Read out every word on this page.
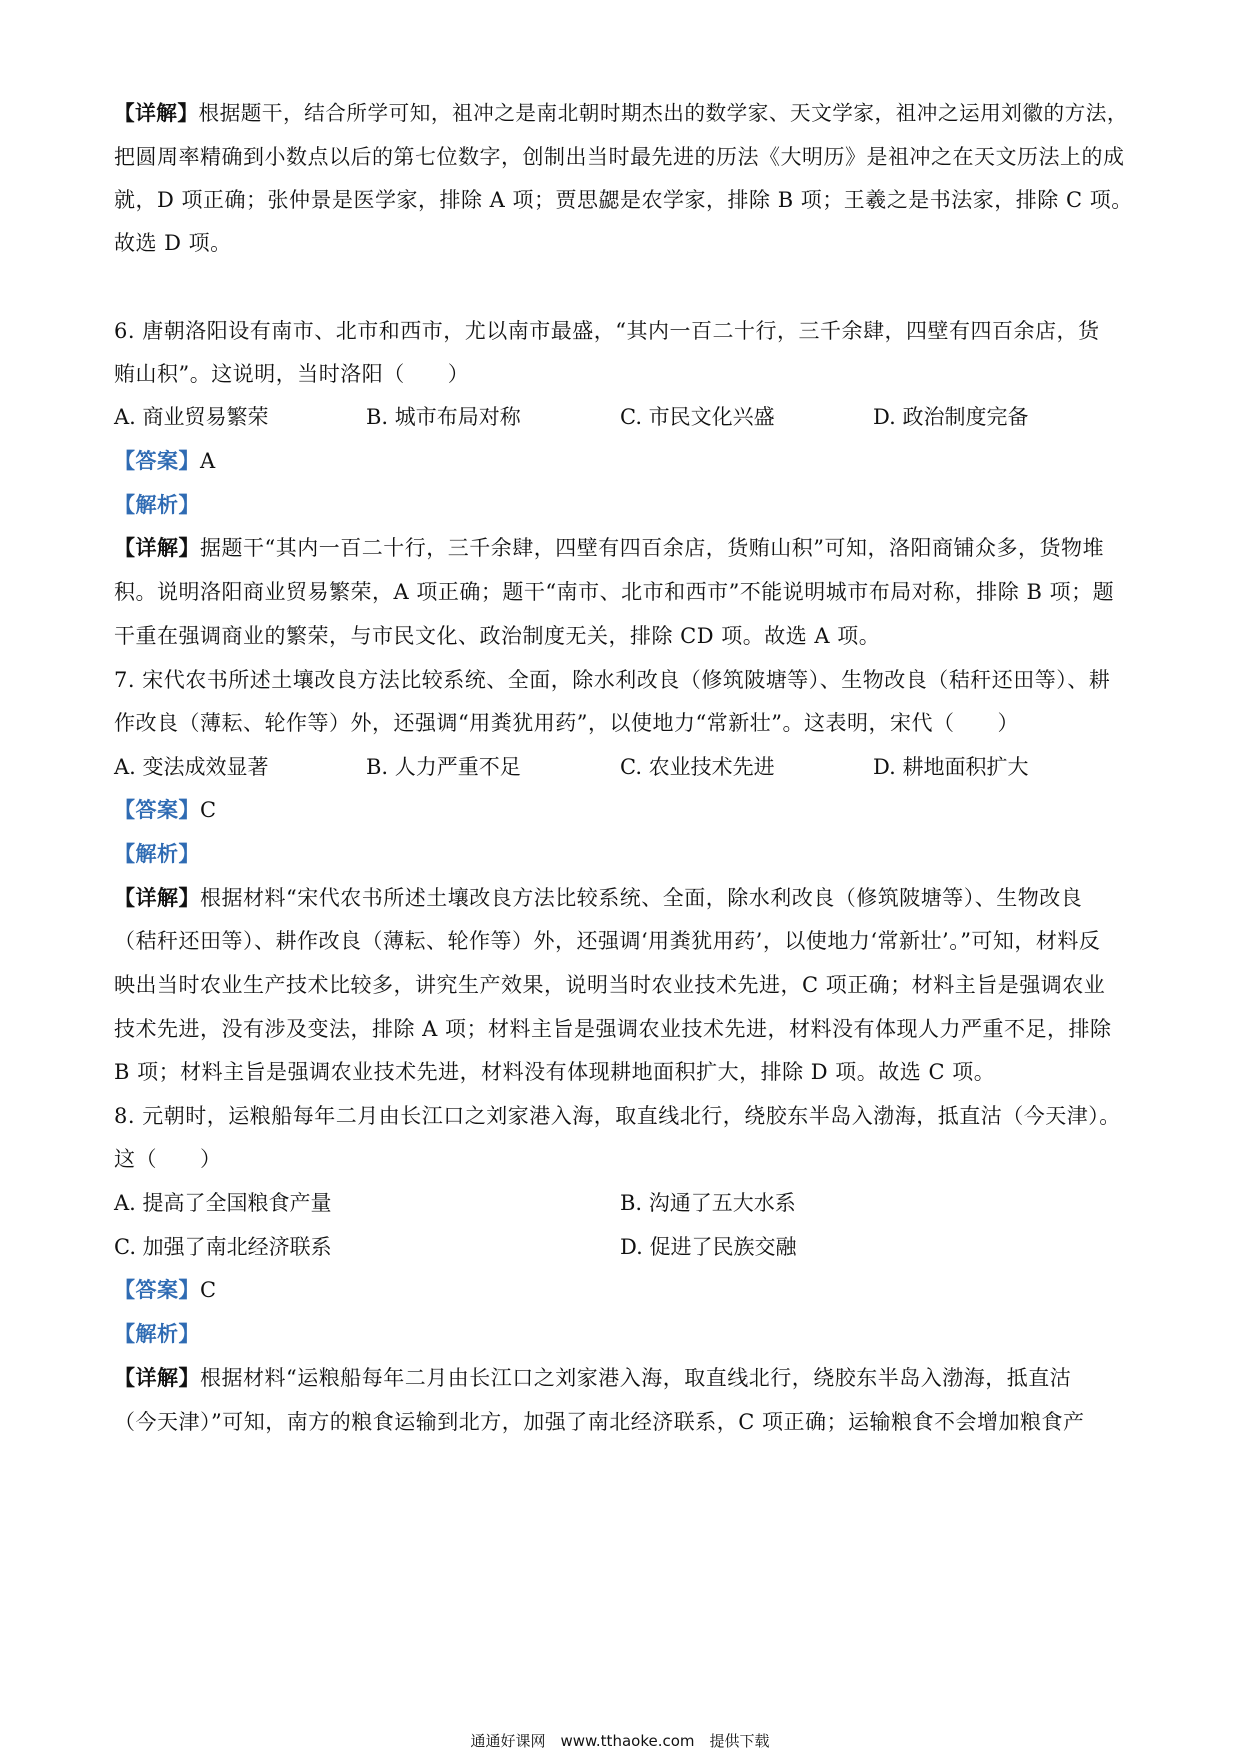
【详解】根据题干，结合所学可知，祖冲之是南北朝时期杰出的数学家、天文学家，祖冲之运用刘徽的方法，
把圆周率精确到小数点以后的第七位数字，创制出当时最先进的历法《大明历》是祖冲之在天文历法上的成
就，D 项正确；张仲景是医学家，排除 A 项；贾思勰是农学家，排除 B 项；王羲之是书法家，排除 C 项。
故选 D 项。
6. 唐朝洛阳设有南市、北市和西市，尤以南市最盛，“其内一百二十行，三千余肆，四壁有四百余店，货
贿山积”。这说明，当时洛阳（　　）
A. 商业贸易繁荣	B. 城市布局对称	C. 市民文化兴盛	D. 政治制度完备
【答案】A
【解析】
【详解】据题干“其内一百二十行，三千余肆，四壁有四百余店，货贿山积”可知，洛阳商铺众多，货物堆
积。说明洛阳商业贸易繁荣，A 项正确；题干“南市、北市和西市”不能说明城市布局对称，排除 B 项；题
干重在强调商业的繁荣，与市民文化、政治制度无关，排除 CD 项。故选 A 项。
7. 宋代农书所述土壤改良方法比较系统、全面，除水利改良（修筑陂塘等）、生物改良（秸秆还田等）、耕
作改良（薄耘、轮作等）外，还强调“用粪犹用药”，以使地力“常新壮”。这表明，宋代（　　）
A. 变法成效显著	B. 人力严重不足	C. 农业技术先进	D. 耕地面积扩大
【答案】C
【解析】
【详解】根据材料“宋代农书所述土壤改良方法比较系统、全面，除水利改良（修筑陂塘等）、生物改良
（秸秆还田等）、耕作改良（薄耘、轮作等）外，还强调‘用粪犹用药’，以使地力‘常新壮’。”可知，材料反
映出当时农业生产技术比较多，讲究生产效果，说明当时农业技术先进，C 项正确；材料主旨是强调农业
技术先进，没有涉及变法，排除 A 项；材料主旨是强调农业技术先进，材料没有体现人力严重不足，排除
B 项；材料主旨是强调农业技术先进，材料没有体现耕地面积扩大，排除 D 项。故选 C 项。
8. 元朝时，运粮船每年二月由长江口之刘家港入海，取直线北行，绕胶东半岛入渤海，抵直沽（今天津）。
这（　　）
A. 提高了全国粮食产量	B. 沟通了五大水系
C. 加强了南北经济联系	D. 促进了民族交融
【答案】C
【解析】
【详解】根据材料“运粮船每年二月由长江口之刘家港入海，取直线北行，绕胶东半岛入渤海，抵直沽
（今天津）”可知，南方的粮食运输到北方，加强了南北经济联系，C 项正确；运输粮食不会增加粮食产
通通好课网　www.tthaoke.com　提供下载
